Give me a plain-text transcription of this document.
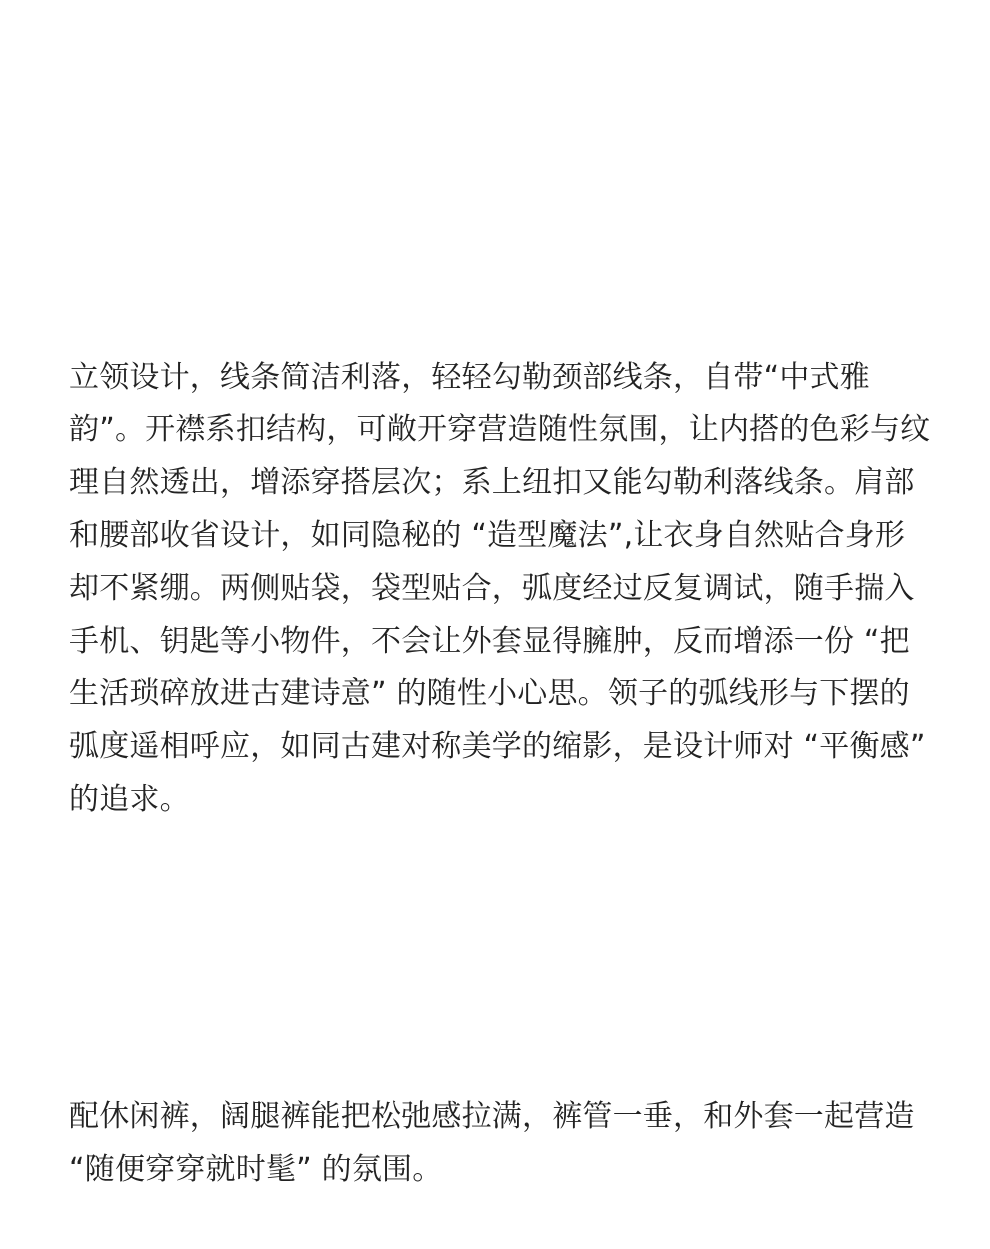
立领设计，线条简洁利落，轻轻勾勒颈部线条，自带“中式雅韵”。开襟系扣结构，可敞开穿营造随性氛围，让内搭的色彩与纹理自然透出，增添穿搭层次；系上纽扣又能勾勒利落线条。肩部和腰部收省设计，如同隐秘的 “造型魔法”,让衣身自然贴合身形却不紧绷。两侧贴袋，袋型贴合，弧度经过反复调试，随手揣入手机、钥匙等小物件，不会让外套显得臃肿，反而增添一份 “把生活琐碎放进古建诗意” 的随性小心思。领子的弧线形与下摆的弧度遥相呼应，如同古建对称美学的缩影，是设计师对 “平衡感” 的追求。

配休闲裤，阔腿裤能把松弛感拉满，裤管一垂，和外套一起营造 “随便穿穿就时髦” 的氛围。
